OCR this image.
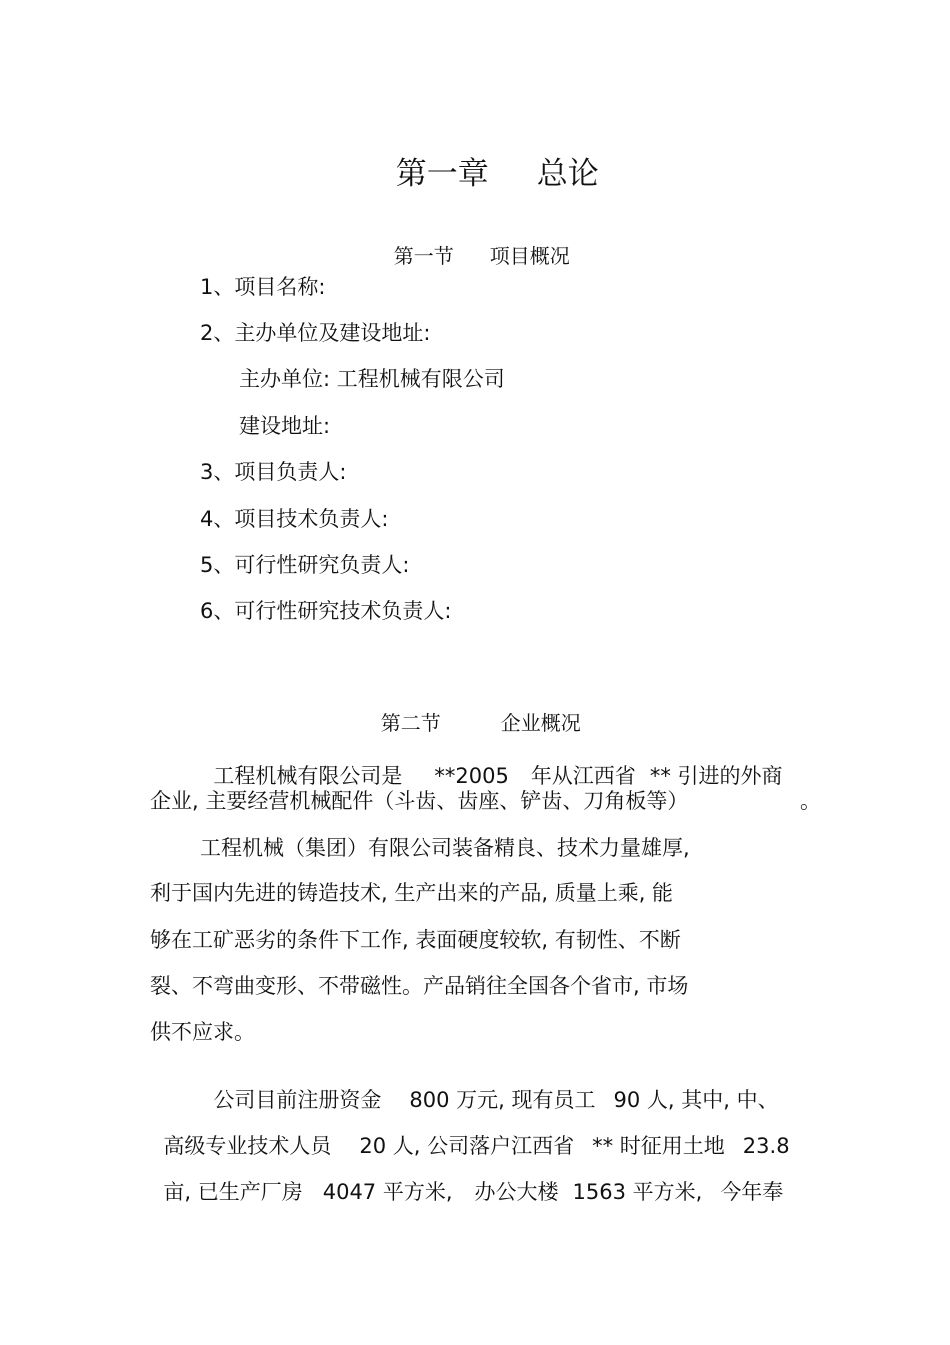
第一章 总论

第一节 项目概况

1、项目名称:
2、主办单位及建设地址:
主办单位: 工程机械有限公司
建设地址:
3、项目负责人:
4、项目技术负责人:
5、可行性研究负责人:
6、可行性研究技术负责人:

第二节	企业概况

工程机械有限公司是 **2005 年从江西省 ** 引进的外商

企业, 主要经营机械配件（斗齿、齿座、铲齿、刀角板等）	。
工程机械（集团）有限公司装备精良、技术力量雄厚,
利于国内先进的铸造技术, 生产出来的产品, 质量上乘, 能
够在工矿恶劣的条件下工作, 表面硬度较软, 有韧性、不断
裂、不弯曲变形、不带磁性。产品销往全国各个省市, 市场
供不应求。

公司目前注册资金 800 万元, 现有员工 90 人, 其中, 中、

高级专业技术人员 20 人, 公司落户江西省 ** 时征用土地 23.8

亩, 已生产厂房 4047 平方米, 办公大楼 1563 平方米, 今年奉
